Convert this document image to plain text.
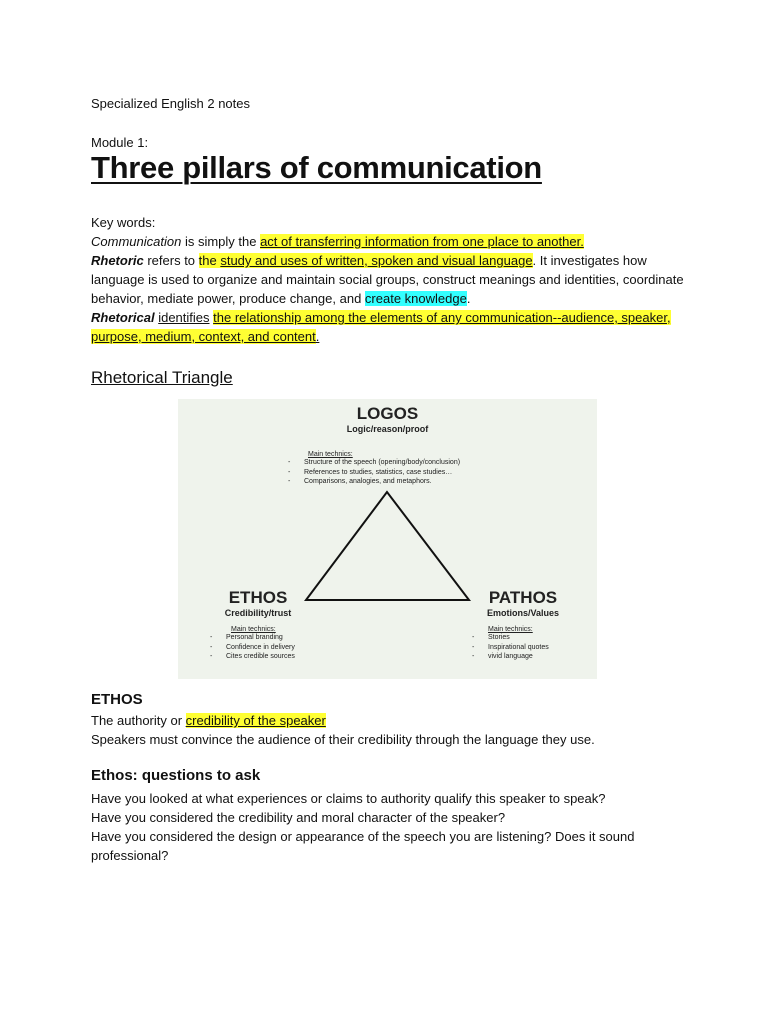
Specialized English 2 notes

Module 1:

Three pillars of communication
Key words:
Communication is simply the act of transferring information from one place to another.
Rhetoric refers to the study and uses of written, spoken and visual language. It investigates how language is used to organize and maintain social groups, construct meanings and identities, coordinate behavior, mediate power, produce change, and create knowledge.
Rhetorical identifies the relationship among the elements of any communication--audience, speaker, purpose, medium, context, and content.
Rhetorical Triangle
ETHOS
The authority or credibility of the speaker
Speakers must convince the audience of their credibility through the language they use.
Ethos: questions to ask
Have you looked at what experiences or claims to authority qualify this speaker to speak?
Have you considered the credibility and moral character of the speaker?
Have you considered the design or appearance of the speech you are listening? Does it sound professional?
LOGOS
Logic/reason/proof
Main technics:
- Structure of the speech (opening/body/conclusion)
- References to studies, statistics, case studies…
- Comparisons, analogies, and metaphors.
ETHOS
Credibility/trust
Main technics:
- Personal branding
- Confidence in delivery
- Cites credible sources
PATHOS
Emotions/Values
Main technics:
- Stories
- Inspirational quotes
- vivid language
